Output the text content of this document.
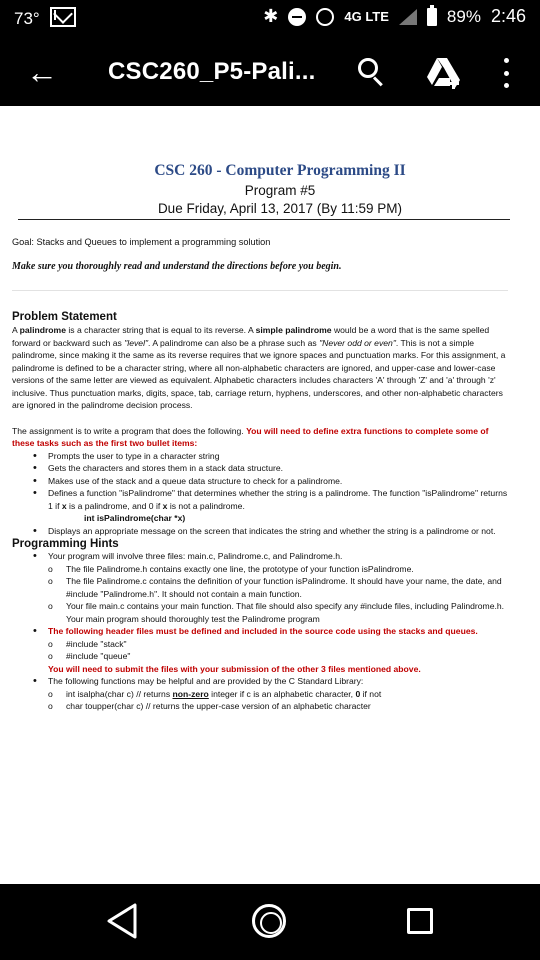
73°	✱	4G LTE	89% 2:46
← CSC260_P5-Pali...
CSC 260 - Computer Programming II
Program #5
Due Friday, April 13, 2017 (By 11:59 PM)
Goal: Stacks and Queues to implement a programming solution
Make sure you thoroughly read and understand the directions before you begin.
Problem Statement

A palindrome is a character string that is equal to its reverse. A simple palindrome would be a word that is the same spelled forward or backward such as "level". A palindrome can also be a phrase such as "Never odd or even". This is not a simple palindrome, since making it the same as its reverse requires that we ignore spaces and punctuation marks. For this assignment, a palindrome is defined to be a character string, where all non-alphabetic characters are ignored, and upper-case and lower-case versions of the same letter are viewed as equivalent. Alphabetic characters includes characters 'A' through 'Z' and 'a' through 'z' inclusive. Thus punctuation marks, digits, space, tab, carriage return, hyphens, underscores, and other non-alphabetic characters are ignored in the palindrome decision process.

The assignment is to write a program that does the following. You will need to define extra functions to complete some of these tasks such as the first two bullet items:

• Prompts the user to type in a character string
• Gets the characters and stores them in a stack data structure.
• Makes use of the stack and a queue data structure to check for a palindrome.
• Defines a function "isPalindrome" that determines whether the string is a palindrome. The function "isPalindrome" returns 1 if x is a palindrome, and 0 if x is not a palindrome.
int isPalindrome(char *x)
• Displays an appropriate message on the screen that indicates the string and whether the string is a palindrome or not.
Programming Hints
• Your program will involve three files: main.c, Palindrome.c, and Palindrome.h.
o The file Palindrome.h contains exactly one line, the prototype of your function isPalindrome.
o The file Palindrome.c contains the definition of your function isPalindrome. It should have your name, the date, and #include "Palindrome.h". It should not contain a main function.
o Your file main.c contains your main function. That file should also specify any #include files, including Palindrome.h. Your main program should thoroughly test the Palindrome program
• The following header files must be defined and included in the source code using the stacks and queues.
o #include "stack"
o #include "queue"
You will need to submit the files with your submission of the other 3 files mentioned above.
• The following functions may be helpful and are provided by the C Standard Library:
o int isalpha(char c) // returns non-zero integer if c is an alphabetic character, 0 if not
o char toupper(char c) // returns the upper-case version of an alphabetic character
